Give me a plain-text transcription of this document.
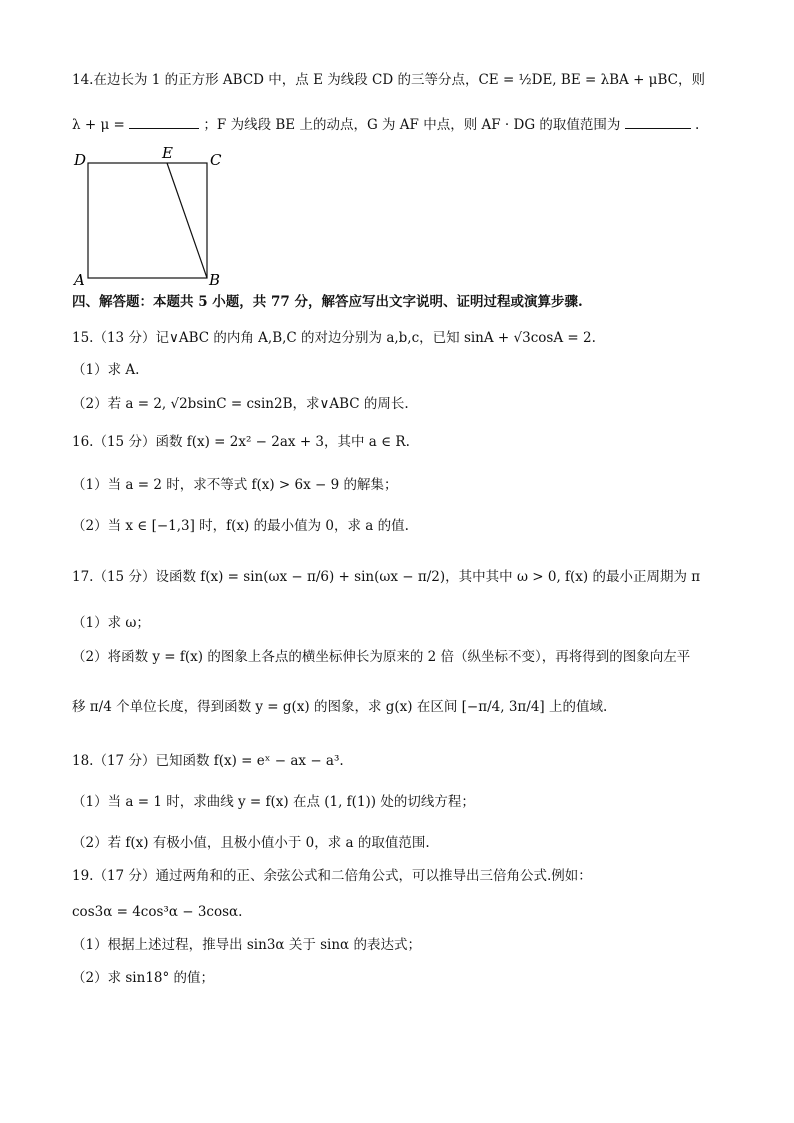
14.在边长为 1 的正方形 ABCD 中，点 E 为线段 CD 的三等分点，CE = ½DE, BE = λBA + μBC，则
λ + μ =	；F 为线段 BE 上的动点，G 为 AF 中点，则 AF · DG 的取值范围为	.
D	E C
A	B
四、解答题：本题共 5 小题，共 77 分，解答应写出文字说明、证明过程或演算步骤.
15.（13 分）记∨ABC 的内角 A,B,C 的对边分别为 a,b,c，已知 sinA + √3cosA = 2.
（1）求 A.
（2）若 a = 2, √2bsinC = csin2B，求∨ABC 的周长.
16.（15 分）函数 f(x) = 2x² − 2ax + 3，其中 a ∈ R.
（1）当 a = 2 时，求不等式 f(x) > 6x − 9 的解集；
（2）当 x ∈ [−1,3] 时，f(x) 的最小值为 0，求 a 的值.
17.（15 分）设函数 f(x) = sin(ωx − π/6) + sin(ωx − π/2)，其中其中 ω > 0, f(x) 的最小正周期为 π
（1）求 ω；
（2）将函数 y = f(x) 的图象上各点的横坐标伸长为原来的 2 倍（纵坐标不变），再将得到的图象向左平
移 π/4 个单位长度，得到函数 y = g(x) 的图象，求 g(x) 在区间 [−π/4, 3π/4] 上的值域.
18.（17 分）已知函数 f(x) = eˣ − ax − a³.
（1）当 a = 1 时，求曲线 y = f(x) 在点 (1, f(1)) 处的切线方程；
（2）若 f(x) 有极小值，且极小值小于 0，求 a 的取值范围.
19.（17 分）通过两角和的正、余弦公式和二倍角公式，可以推导出三倍角公式.例如：
cos3α = 4cos³α − 3cosα.
（1）根据上述过程，推导出 sin3α 关于 sinα 的表达式；
（2）求 sin18° 的值；
